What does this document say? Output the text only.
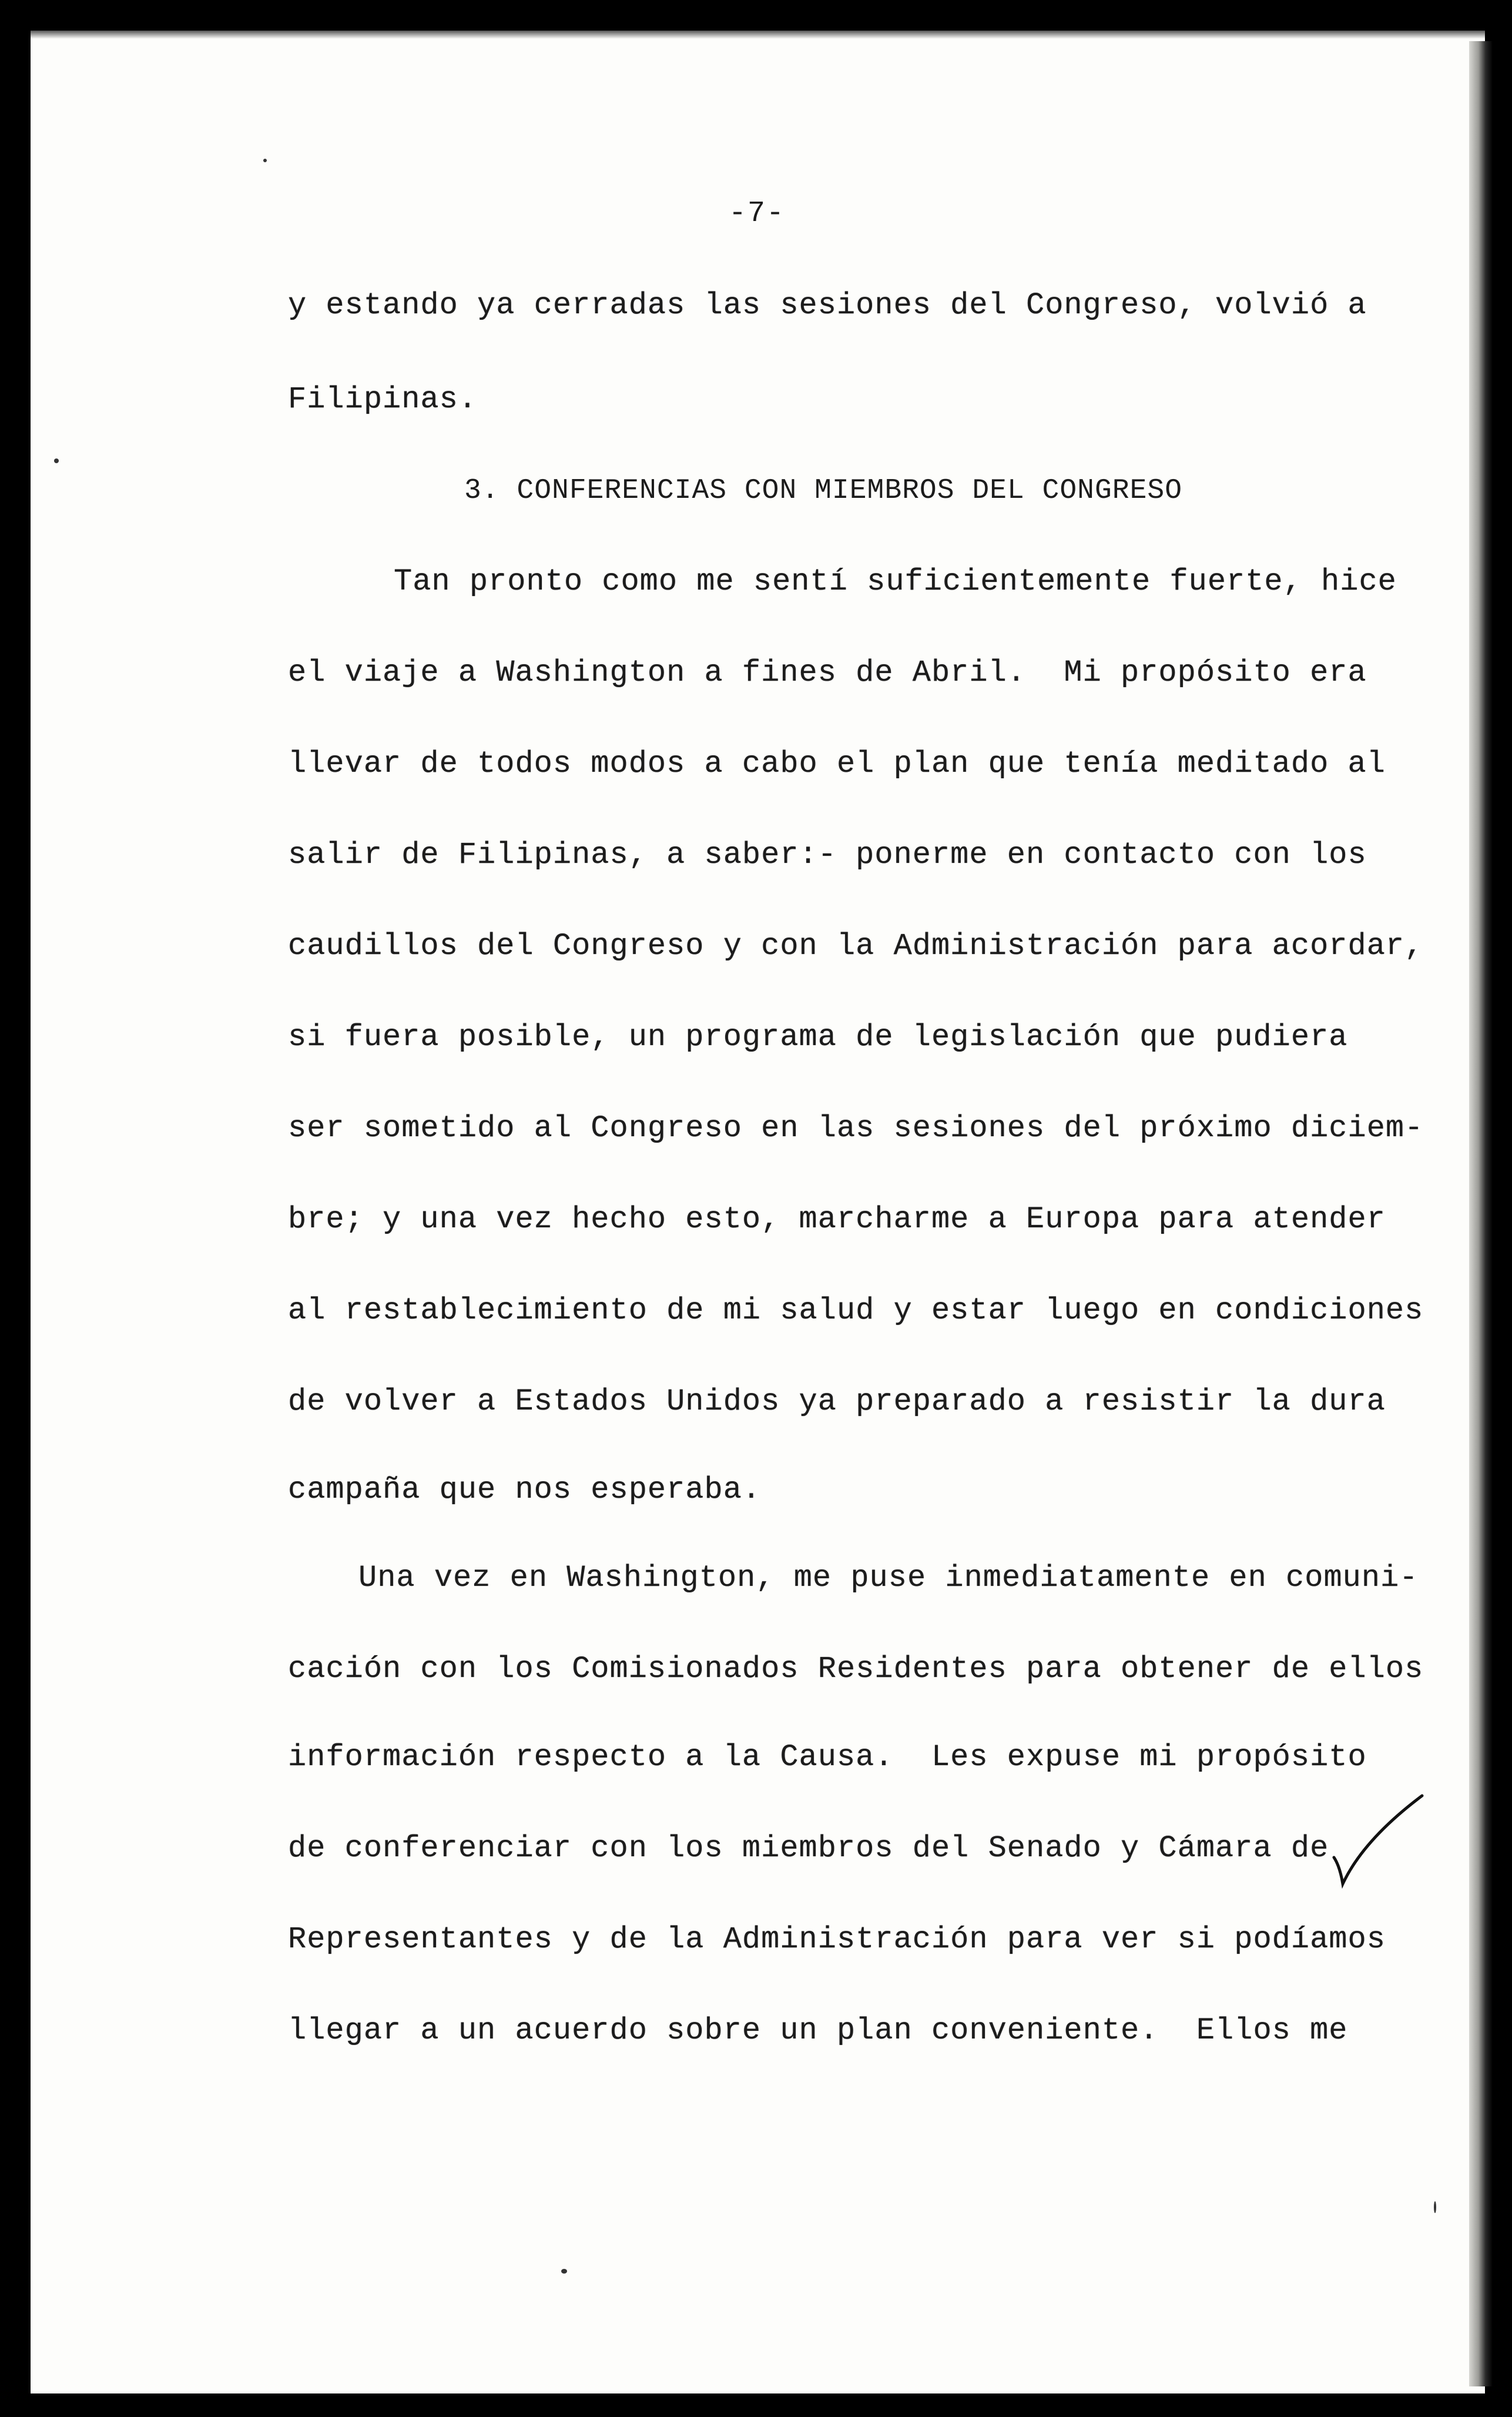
-7-
y estando ya cerradas las sesiones del Congreso, volvió a
Filipinas.
3. CONFERENCIAS CON MIEMBROS DEL CONGRESO
Tan pronto como me sentí suficientemente fuerte, hice
el viaje a Washington a fines de Abril.  Mi propósito era
llevar de todos modos a cabo el plan que tenía meditado al
salir de Filipinas, a saber:- ponerme en contacto con los
caudillos del Congreso y con la Administración para acordar,
si fuera posible, un programa de legislación que pudiera
ser sometido al Congreso en las sesiones del próximo diciem-
bre; y una vez hecho esto, marcharme a Europa para atender
al restablecimiento de mi salud y estar luego en condiciones
de volver a Estados Unidos ya preparado a resistir la dura
campaña que nos esperaba.
Una vez en Washington, me puse inmediatamente en comuni-
cación con los Comisionados Residentes para obtener de ellos
información respecto a la Causa.  Les expuse mi propósito
de conferenciar con los miembros del Senado y Cámara de
Representantes y de la Administración para ver si podíamos
llegar a un acuerdo sobre un plan conveniente.  Ellos me
